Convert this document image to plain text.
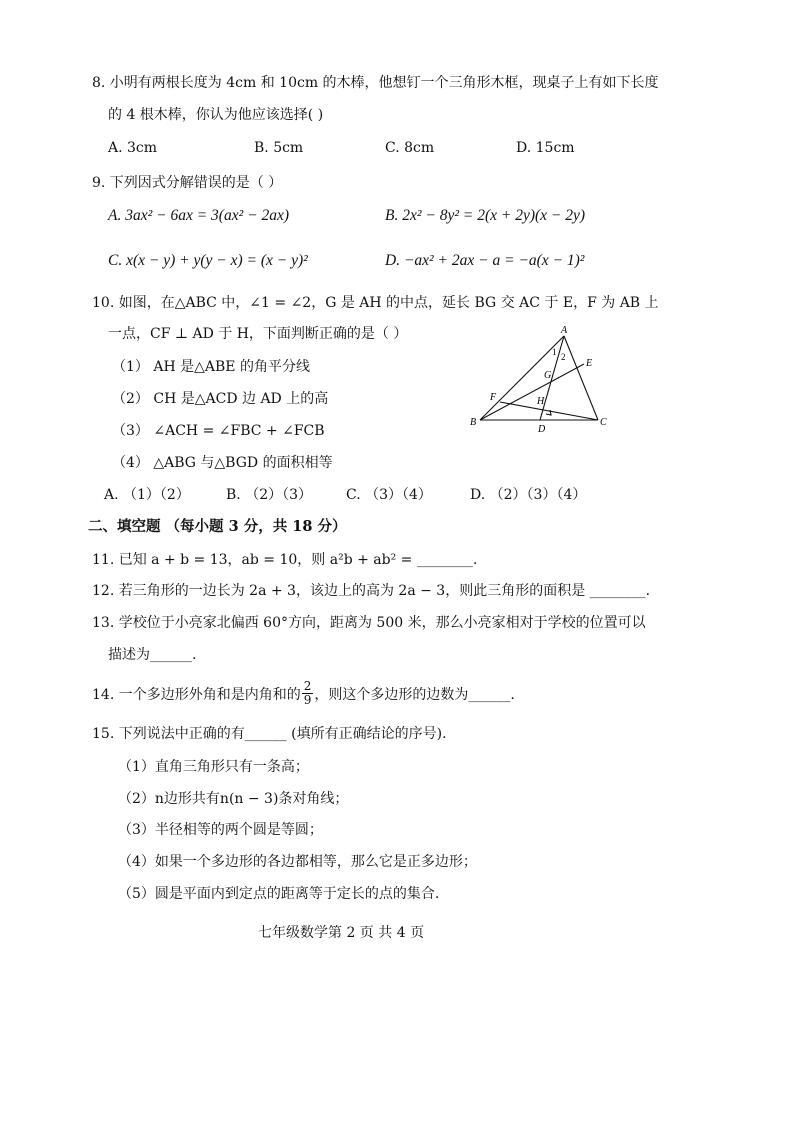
8. 小明有两根长度为 4cm 和 10cm 的木棒，他想钉一个三角形木框，现桌子上有如下长度
的 4 根木棒，你认为他应该选择( )
A. 3cm	B. 5cm	C. 8cm	D. 15cm
9. 下列因式分解错误的是（ ）
A. 3ax² − 6ax = 3(ax² − 2ax)	B. 2x² − 8y² = 2(x + 2y)(x − 2y)
C. x(x − y) + y(y − x) = (x − y)²	D. −ax² + 2ax − a = −a(x − 1)²
10. 如图，在△ABC 中，∠1 = ∠2，G 是 AH 的中点，延长 BG 交 AC 于 E，F 为 AB 上
一点，CF ⊥ AD 于 H，下面判断正确的是（ ）
（1） AH 是△ABE 的角平分线
（2） CH 是△ACD 边 AD 上的高
（3） ∠ACH = ∠FBC + ∠FCB
（4） △ABG 与△BGD 的面积相等
A. （1）（2）	B. （2）（3） C. （3）（4）	D. （2）（3）（4）
A
B	C
D
E
F
G
H
1 2
二、填空题 （每小题 3 分，共 18 分）
11. 已知 a + b = 13，ab = 10，则 a²b + ab² = ________.
12. 若三角形的一边长为 2a + 3，该边上的高为 2a − 3，则此三角形的面积是 ________.
13. 学校位于小亮家北偏西 60°方向，距离为 500 米，那么小亮家相对于学校的位置可以
描述为______.
14. 一个多边形外角和是内角和的 $\frac{2}{9}$ ，则这个多边形的边数为______.
15. 下列说法中正确的有______ (填所有正确结论的序号).
（1）直角三角形只有一条高；
（2）n边形共有n(n − 3)条对角线；
（3）半径相等的两个圆是等圆；
（4）如果一个多边形的各边都相等，那么它是正多边形；
（5）圆是平面内到定点的距离等于定长的点的集合.
七年级数学第 2 页 共 4 页
